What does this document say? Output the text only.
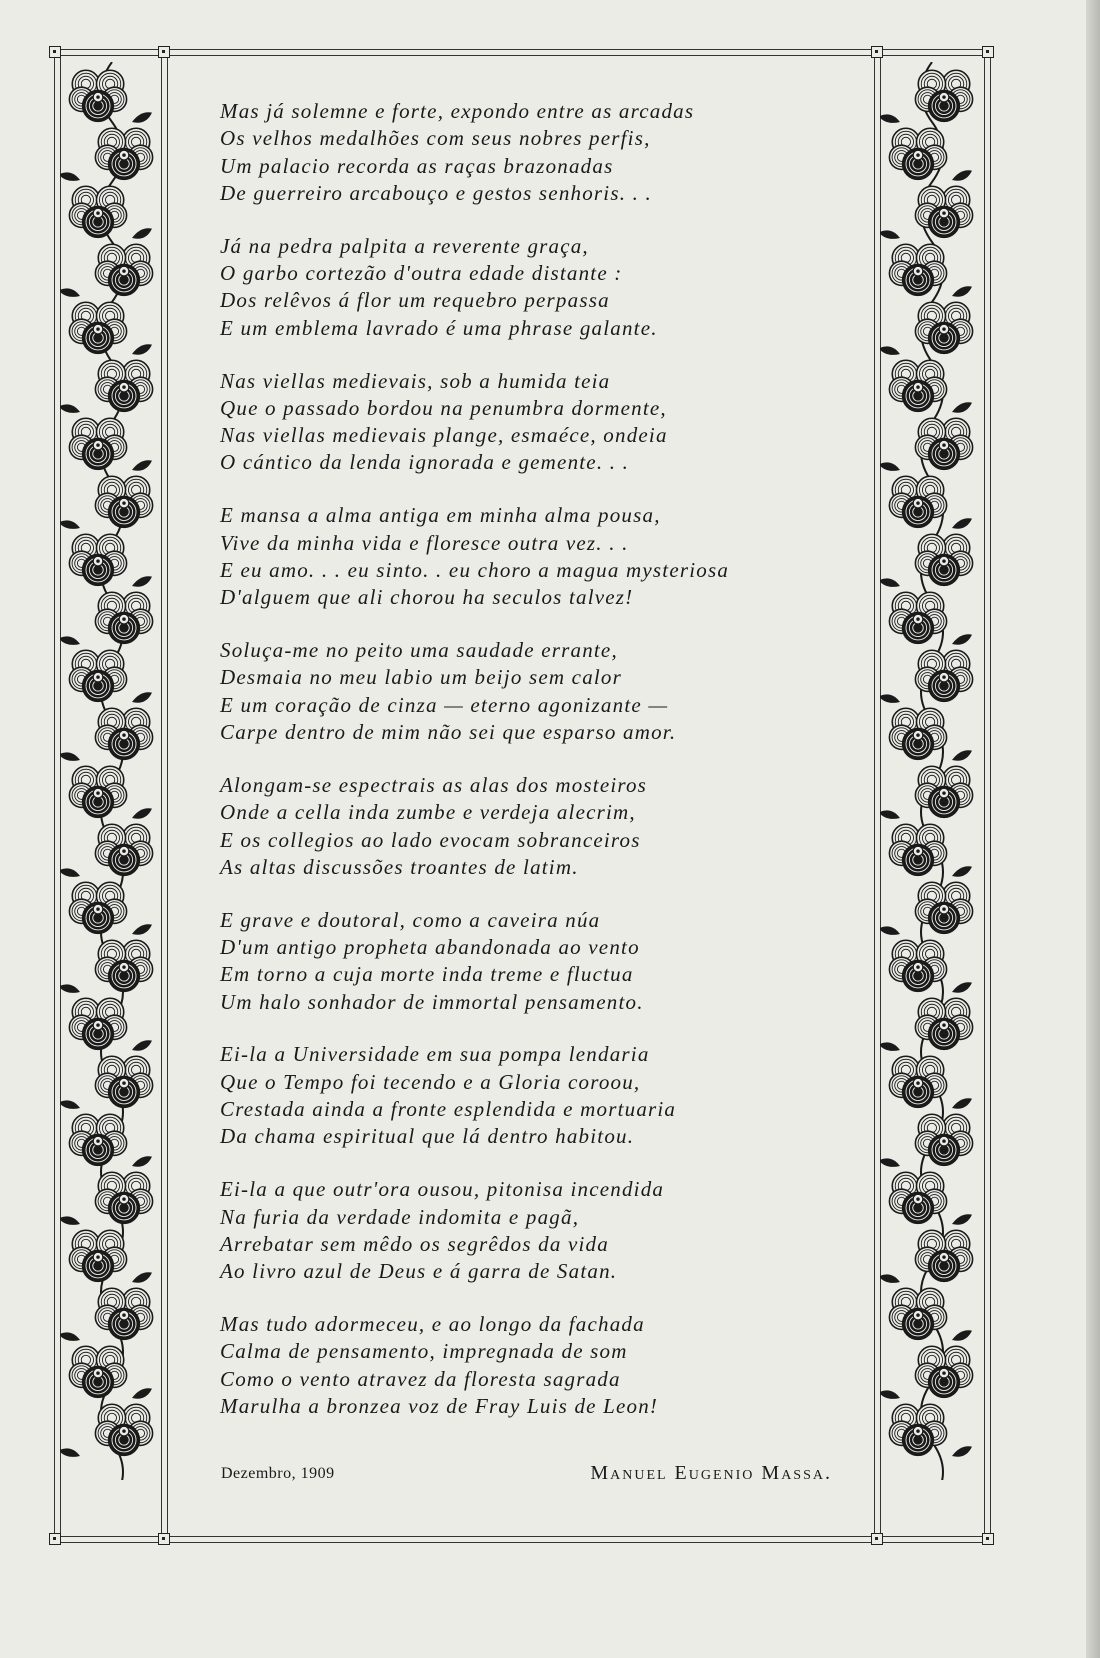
Mas já solemne e forte, expondo entre as arcadas
Os velhos medalhões com seus nobres perfis,
Um palacio recorda as raças brazonadas
De guerreiro arcabouço e gestos senhoris. . .
Já na pedra palpita a reverente graça,
O garbo cortezão d'outra edade distante :
Dos relêvos á flor um requebro perpassa
E um emblema lavrado é uma phrase galante.
Nas viellas medievais, sob a humida teia
Que o passado bordou na penumbra dormente,
Nas viellas medievais plange, esmaéce, ondeia
O cántico da lenda ignorada e gemente. . .
E mansa a alma antiga em minha alma pousa,
Vive da minha vida e floresce outra vez. . .
E eu amo. . . eu sinto. . eu choro a magua mysteriosa
D'alguem que ali chorou ha seculos talvez!
Soluça-me no peito uma saudade errante,
Desmaia no meu labio um beijo sem calor
E um coração de cinza — eterno agonizante —
Carpe dentro de mim não sei que esparso amor.
Alongam-se espectrais as alas dos mosteiros
Onde a cella inda zumbe e verdeja alecrim,
E os collegios ao lado evocam sobranceiros
As altas discussões troantes de latim.
E grave e doutoral, como a caveira núa
D'um antigo propheta abandonada ao vento
Em torno a cuja morte inda treme e fluctua
Um halo sonhador de immortal pensamento.
Ei-la a Universidade em sua pompa lendaria
Que o Tempo foi tecendo e a Gloria coroou,
Crestada ainda a fronte esplendida e mortuaria
Da chama espiritual que lá dentro habitou.
Ei-la a que outr'ora ousou, pitonisa incendida
Na furia da verdade indomita e pagã,
Arrebatar sem mêdo os segrêdos da vida
Ao livro azul de Deus e á garra de Satan.
Mas tudo adormeceu, e ao longo da fachada
Calma de pensamento, impregnada de som
Como o vento atravez da floresta sagrada
Marulha a bronzea voz de Fray Luis de Leon!
Dezembro, 1909	Manuel Eugenio Massa.
